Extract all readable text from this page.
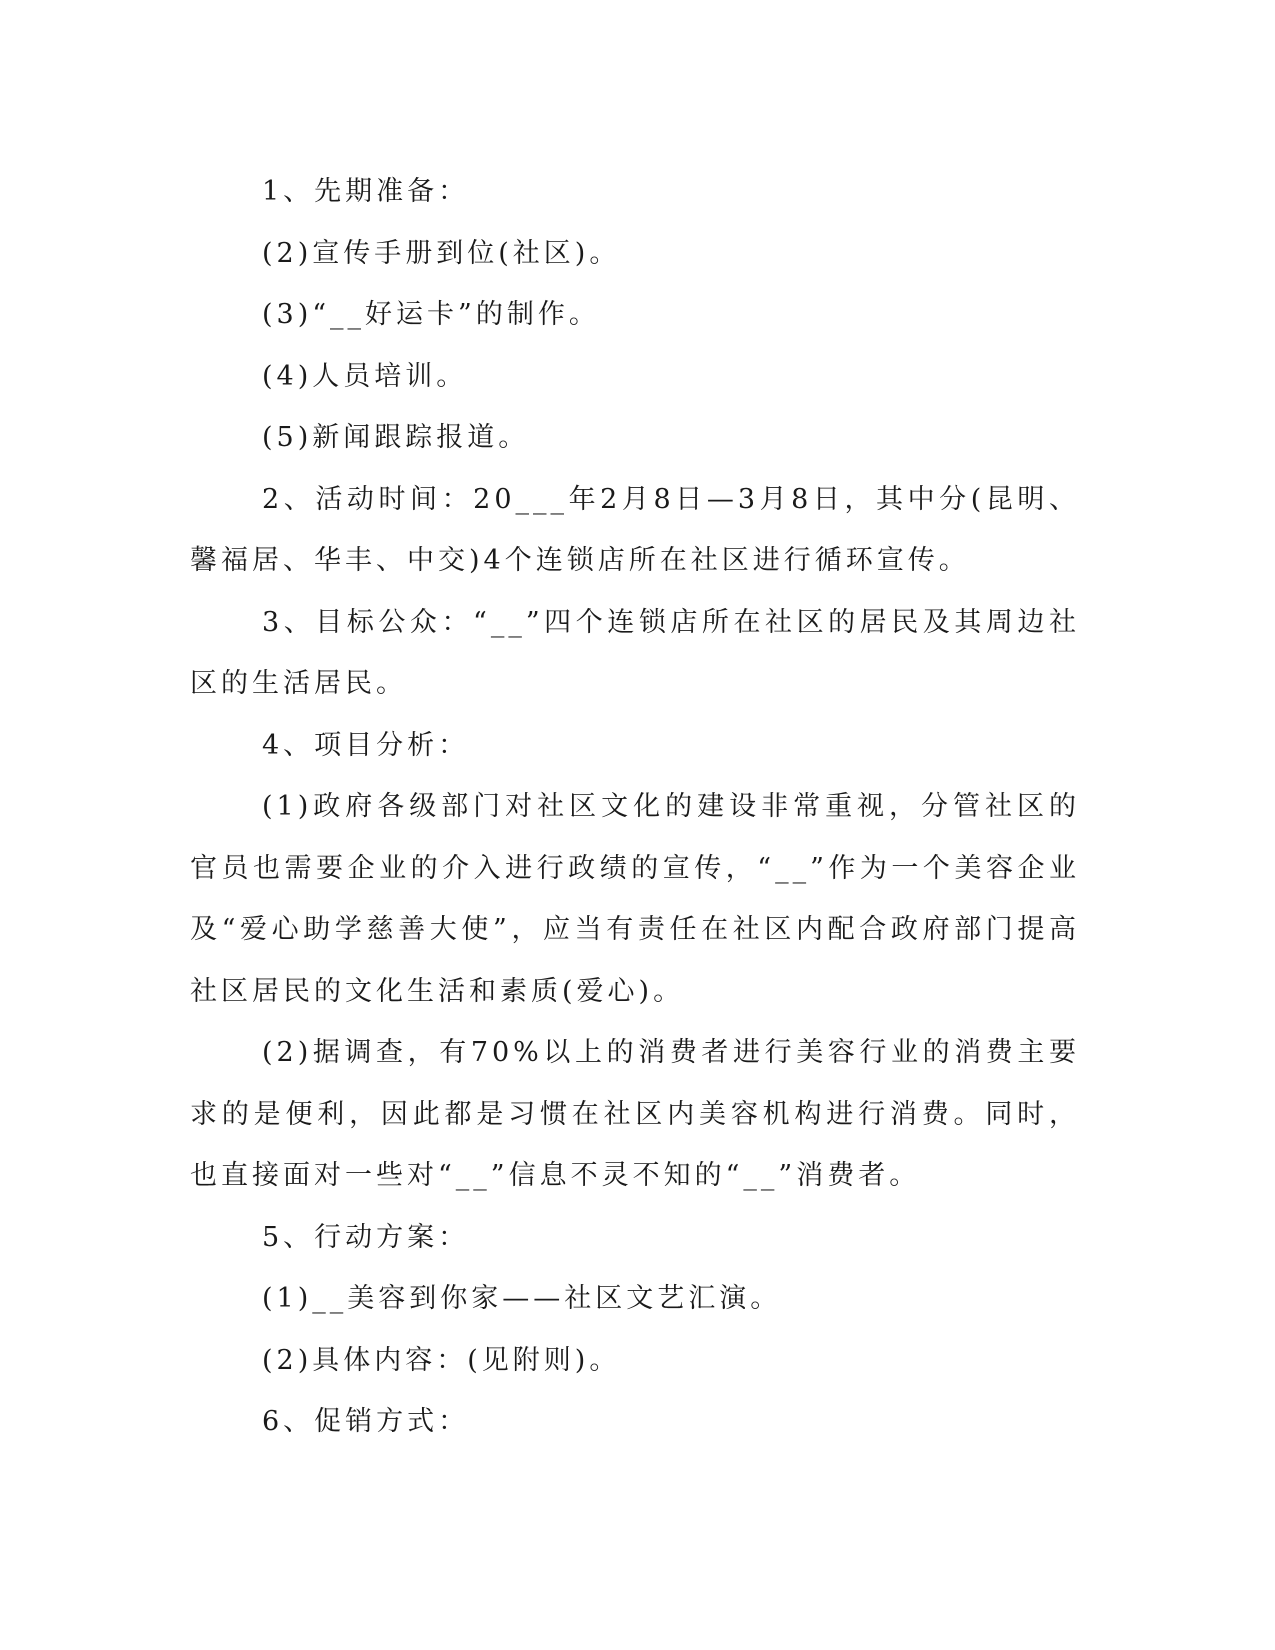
1、先期准备：

(2)宣传手册到位(社区)。

(3)“__好运卡”的制作。

(4)人员培训。

(5)新闻跟踪报道。

2、活动时间：20___年2月8日—3月8日，其中分(昆明、馨福居、华丰、中交)4个连锁店所在社区进行循环宣传。

3、目标公众：“__”四个连锁店所在社区的居民及其周边社区的生活居民。

4、项目分析：

(1)政府各级部门对社区文化的建设非常重视，分管社区的官员也需要企业的介入进行政绩的宣传，“__”作为一个美容企业及“爱心助学慈善大使”，应当有责任在社区内配合政府部门提高社区居民的文化生活和素质(爱心)。

(2)据调查，有70%以上的消费者进行美容行业的消费主要求的是便利，因此都是习惯在社区内美容机构进行消费。同时，也直接面对一些对“__”信息不灵不知的“__”消费者。

5、行动方案：

(1)__美容到你家——社区文艺汇演。

(2)具体内容：(见附则)。

6、促销方式：
